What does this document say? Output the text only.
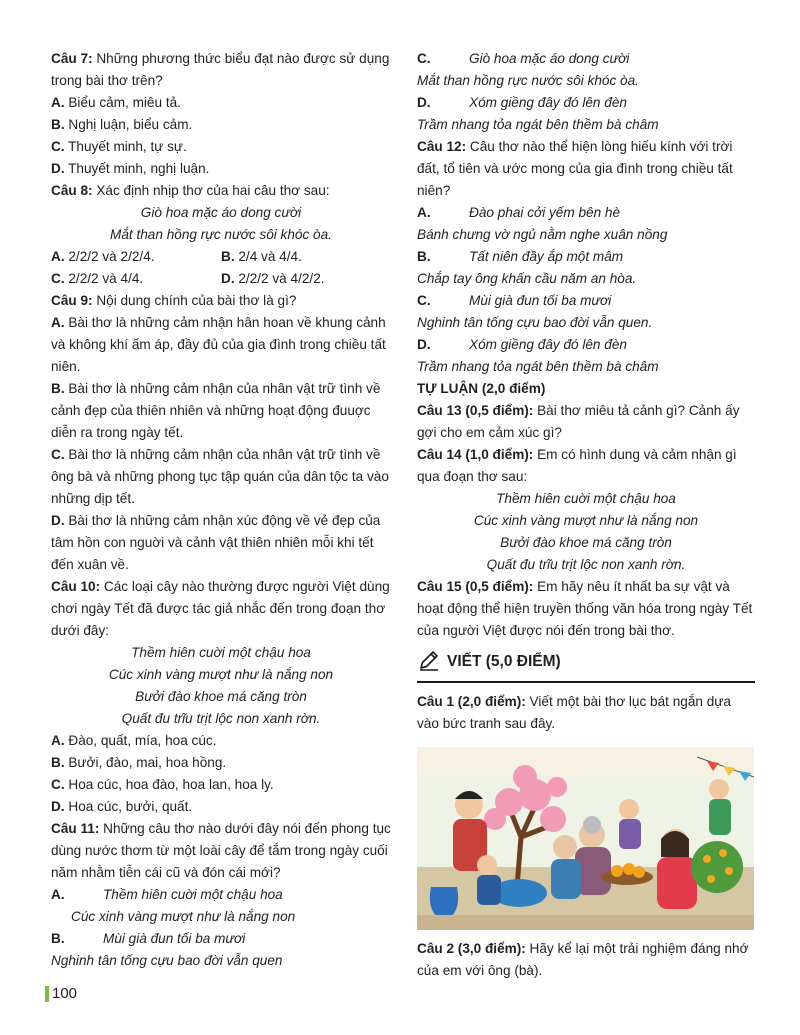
Câu 7: Những phương thức biểu đạt nào được sử dụng trong bài thơ trên?

A. Biểu cảm, miêu tả.

B. Nghị luận, biểu cảm.

C. Thuyết minh, tự sự.

D. Thuyết minh, nghị luận.

Câu 8: Xác định nhịp thơ của hai câu thơ sau:

Giò hoa mặc áo dong cười

Mắt than hồng rực nước sôi khóc òa.

A. 2/2/2 và 2/2/4.	B. 2/4 và 4/4.
C. 2/2/2 và 4/4.	D. 2/2/2 và 4/2/2.

Câu 9: Nội dung chính của bài thơ là gì?

A. Bài thơ là những cảm nhận hân hoan về khung cảnh và không khí ấm áp, đầy đủ của gia đình trong chiều tất niên.

B. Bài thơ là những cảm nhận của nhân vật trữ tình về cảnh đẹp của thiên nhiên và những hoạt động đuuợc diễn ra trong ngày tết.

C. Bài thơ là những cảm nhận của nhân vật trữ tình về ông bà và những phong tục tập quán của dân tộc ta vào những dịp tết.

D. Bài thơ là những cảm nhận xúc động về vẻ đẹp của tâm hồn con nguời và cảnh vật thiên nhiên mỗi khi tết đến xuân về.

Câu 10: Các loại cây nào thường được người Việt dùng chơi ngày Tết đã được tác giả nhắc đến trong đoạn thơ dưới đây:

Thềm hiên cuời một chậu hoa

Cúc xinh vàng mượt như là nắng non

Bưởi đào khoe má căng tròn

Quất đu trĩu trịt lộc non xanh rờn.

A. Đào, quất, mía, hoa cúc.

B. Bưởi, đào, mai, hoa hồng.

C. Hoa cúc, hoa đào, hoa lan, hoa ly.

D. Hoa cúc, bưởi, quất.

Câu 11: Những câu thơ nào dưới đây nói đến phong tục dùng nước thơm từ một loài cây để tắm trong ngày cuối năm nhằm tiễn cái cũ và đón cái mới?

A.	Thềm hiên cuời một chậu hoa

Cúc xinh vàng mượt như là nắng non

B.	Mùi già đun tối ba mươi

Nghinh tân tống cựu bao đời vẫn quen

C.	Giò hoa mặc áo dong cười

Mắt than hồng rực nước sôi khóc òa.

D.	Xóm giềng đây đó lên đèn

Trầm nhang tỏa ngát bên thềm bà châm

Câu 12: Câu thơ nào thể hiện lòng hiếu kính với trời đất, tổ tiên và ước mong của gia đình trong chiều tất niên?

A.	Đào phai cởi yếm bên hè

Bánh chưng vờ ngủ nằm nghe xuân nồng

B.	Tất niên đầy ắp một mâm

Chắp tay ông khấn cầu năm an hòa.

C.	Mùi già đun tối ba mươi

Nghinh tân tống cựu bao đời vẫn quen.

D.	Xóm giềng đây đó lên đèn

Trầm nhang tỏa ngát bên thềm bà châm

TỰ LUẬN (2,0 điểm)

Câu 13 (0,5 điểm): Bài thơ miêu tả cảnh gì? Cảnh ấy gợi cho em cảm xúc gì?

Câu 14 (1,0 điểm): Em có hình dung và cảm nhận gì qua đoạn thơ sau:

Thềm hiên cuời một chậu hoa

Cúc xinh vàng mượt như là nắng non

Bưởi đào khoe má căng tròn

Quất đu trĩu trịt lộc non xanh rờn.

Câu 15 (0,5 điểm): Em hãy nêu ít nhất ba sự vật và hoạt động thể hiện truyền thống văn hóa trong ngày Tết của người Việt được nói đến trong bài thơ.

VIẾT (5,0 ĐIỂM)

Câu 1 (2,0 điểm): Viết một bài thơ lục bát ngắn dựa vào bức tranh sau đây.

Câu 2 (3,0 điểm): Hãy kể lại một trải nghiệm đáng nhớ của em với ông (bà).

100
